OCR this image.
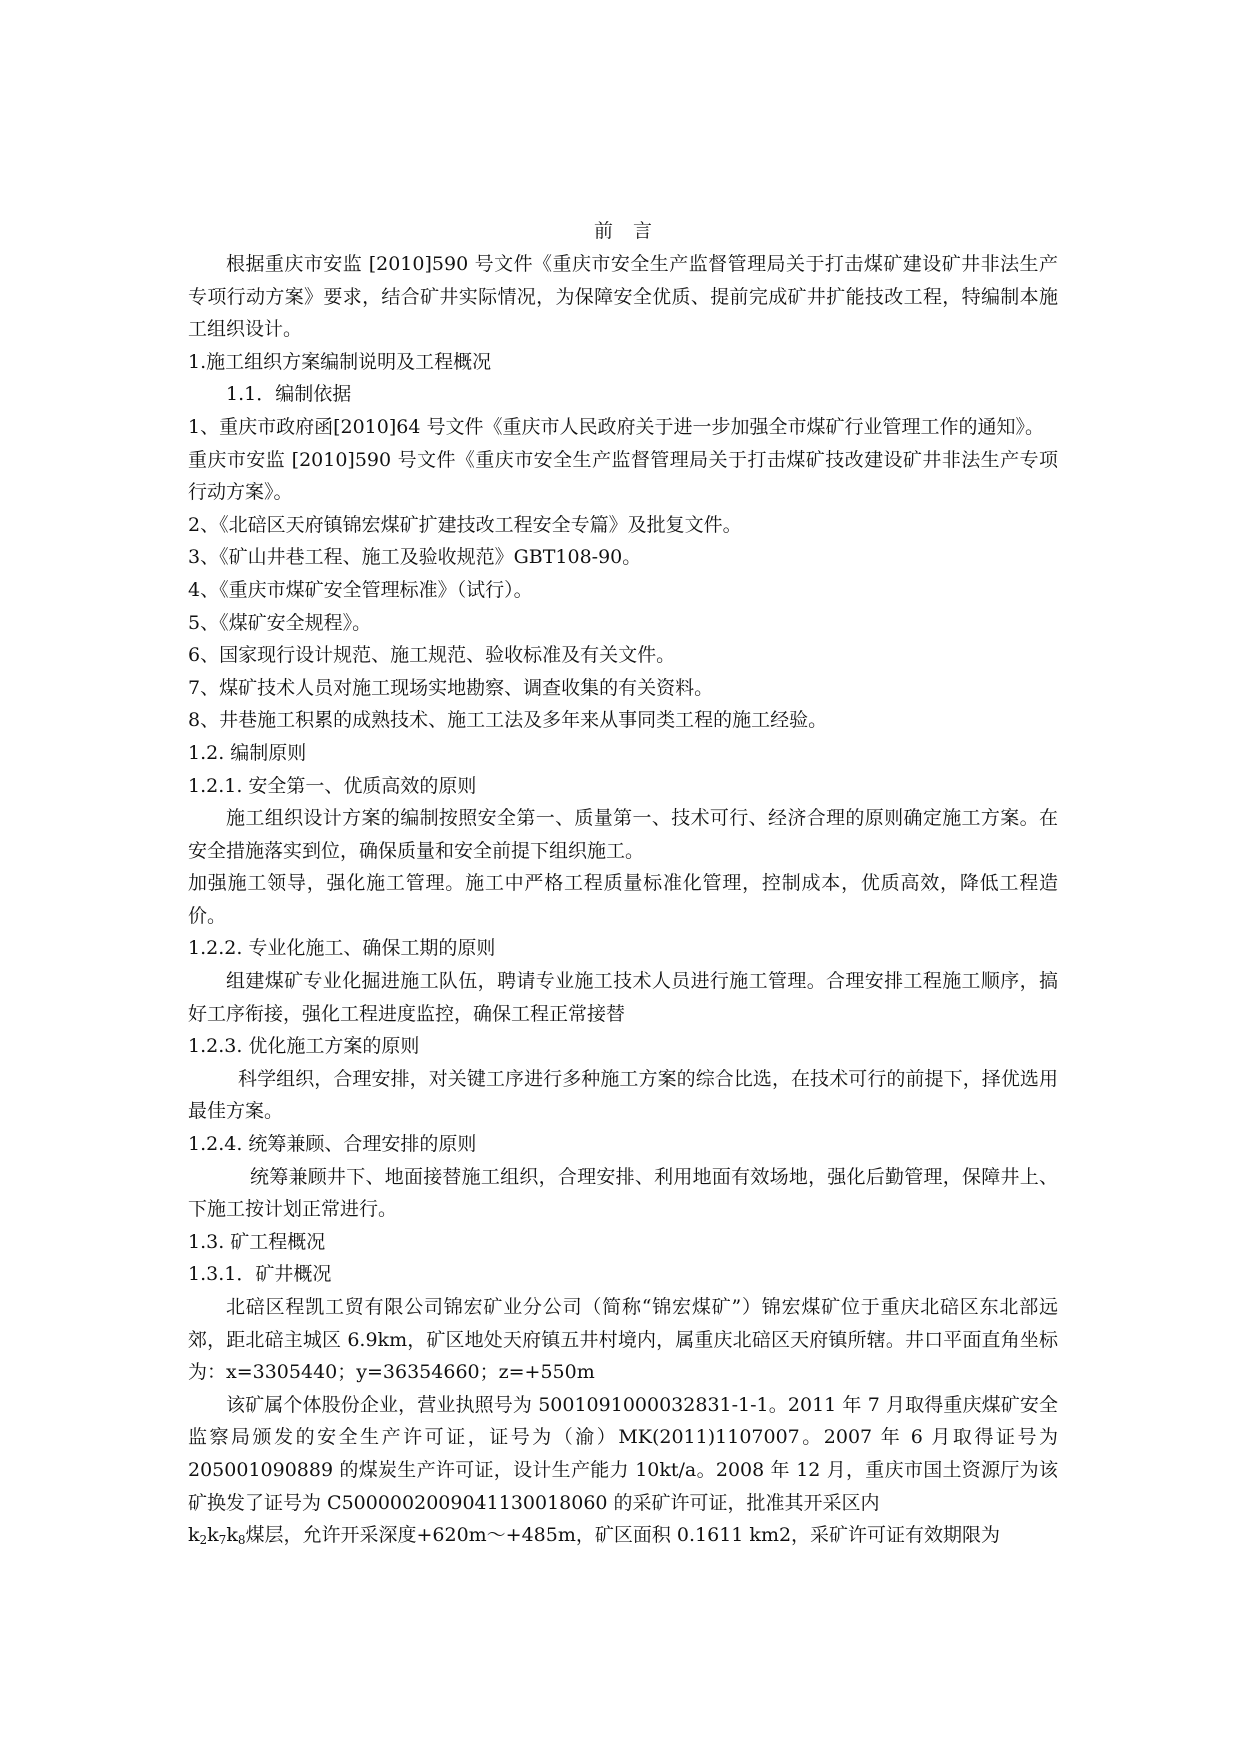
前言

根据重庆市安监 [2010]590 号文件《重庆市安全生产监督管理局关于打击煤矿建设矿井非法生产专项行动方案》要求，结合矿井实际情况，为保障安全优质、提前完成矿井扩能技改工程，特编制本施工组织设计。

1.施工组织方案编制说明及工程概况

1.1．编制依据

1、重庆市政府函[2010]64 号文件《重庆市人民政府关于进一步加强全市煤矿行业管理工作的通知》。

重庆市安监 [2010]590 号文件《重庆市安全生产监督管理局关于打击煤矿技改建设矿井非法生产专项行动方案》。

2、《北碚区天府镇锦宏煤矿扩建技改工程安全专篇》及批复文件。

3、《矿山井巷工程、施工及验收规范》GBT108-90。

4、《重庆市煤矿安全管理标准》（试行）。

5、《煤矿安全规程》。

6、国家现行设计规范、施工规范、验收标准及有关文件。

7、煤矿技术人员对施工现场实地勘察、调查收集的有关资料。

8、井巷施工积累的成熟技术、施工工法及多年来从事同类工程的施工经验。

1.2. 编制原则

1.2.1. 安全第一、优质高效的原则

施工组织设计方案的编制按照安全第一、质量第一、技术可行、经济合理的原则确定施工方案。在安全措施落实到位，确保质量和安全前提下组织施工。

加强施工领导，强化施工管理。施工中严格工程质量标准化管理，控制成本，优质高效，降低工程造价。

1.2.2. 专业化施工、确保工期的原则

组建煤矿专业化掘进施工队伍，聘请专业施工技术人员进行施工管理。合理安排工程施工顺序，搞好工序衔接，强化工程进度监控，确保工程正常接替

1.2.3. 优化施工方案的原则

科学组织，合理安排，对关键工序进行多种施工方案的综合比选，在技术可行的前提下，择优选用最佳方案。

1.2.4. 统筹兼顾、合理安排的原则

统筹兼顾井下、地面接替施工组织，合理安排、利用地面有效场地，强化后勤管理，保障井上、下施工按计划正常进行。

1.3. 矿工程概况

1.3.1．矿井概况

北碚区程凯工贸有限公司锦宏矿业分公司（简称“锦宏煤矿”）锦宏煤矿位于重庆北碚区东北部远郊，距北碚主城区 6.9km，矿区地处天府镇五井村境内，属重庆北碚区天府镇所辖。井口平面直角坐标为：x=3305440；y=36354660；z=+550m

该矿属个体股份企业，营业执照号为 5001091000032831-1-1。2011 年 7 月取得重庆煤矿安全监察局颁发的安全生产许可证，证号为（渝）MK(2011)1107007。2007 年 6 月取得证号为 205001090889 的煤炭生产许可证，设计生产能力 10kt/a。2008 年 12 月，重庆市国土资源厅为该矿换发了证号为 C5000002009041130018060 的采矿许可证，批准其开采区内

$k_2k_7k_8$煤层，允许开采深度+620m～+485m，矿区面积 0.1611 km2，采矿许可证有效期限为
